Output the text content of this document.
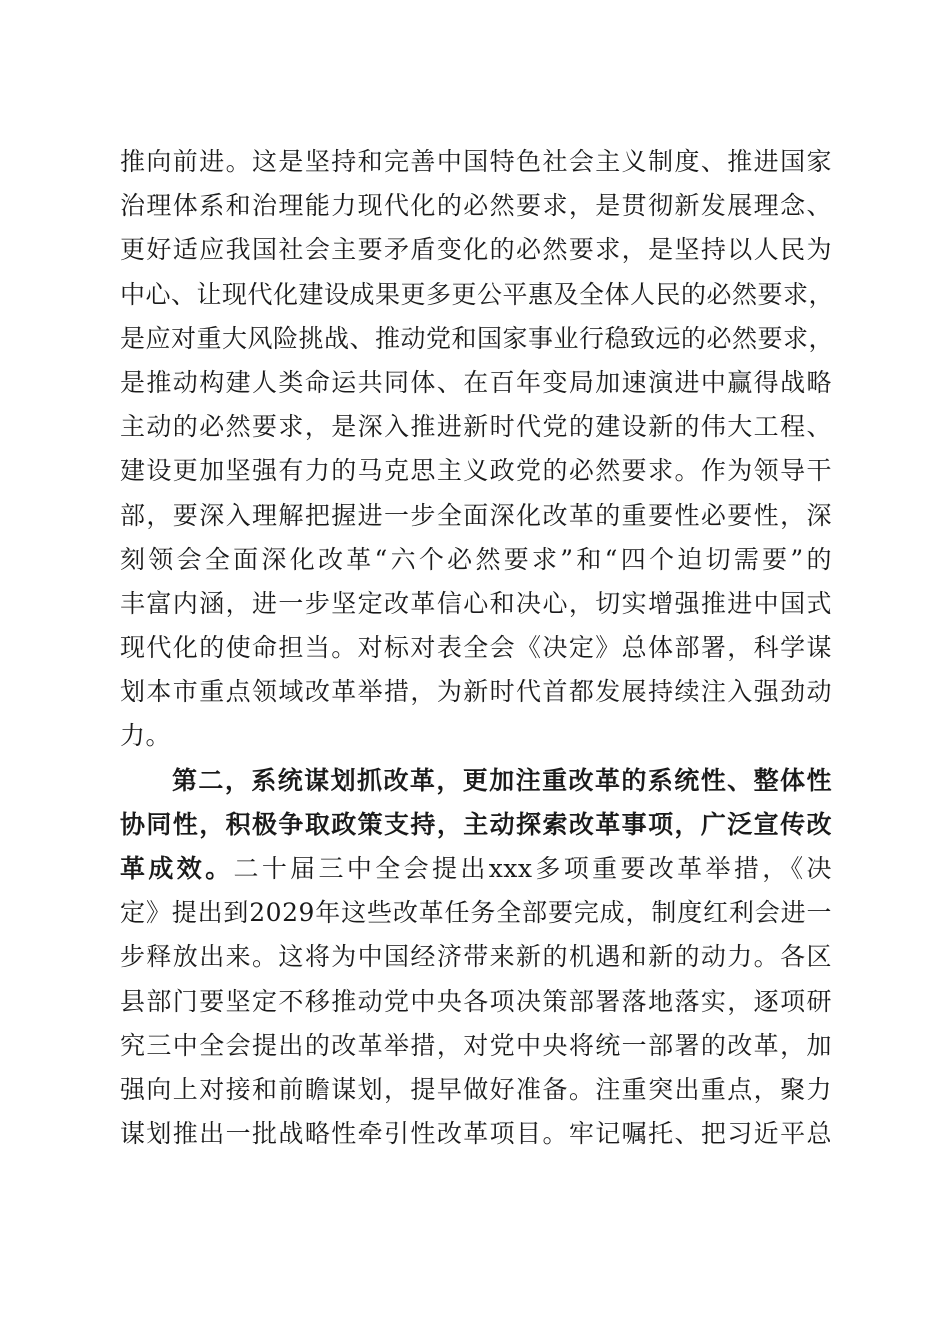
推向前进。这是坚持和完善中国特色社会主义制度、推进国家
治理体系和治理能力现代化的必然要求，是贯彻新发展理念、
更好适应我国社会主要矛盾变化的必然要求，是坚持以人民为
中心、让现代化建设成果更多更公平惠及全体人民的必然要求，
是应对重大风险挑战、推动党和国家事业行稳致远的必然要求，
是推动构建人类命运共同体、在百年变局加速演进中赢得战略
主动的必然要求，是深入推进新时代党的建设新的伟大工程、
建设更加坚强有力的马克思主义政党的必然要求。作为领导干
部，要深入理解把握进一步全面深化改革的重要性必要性，深
刻领会全面深化改革“六个必然要求”和“四个迫切需要”的
丰富内涵，进一步坚定改革信心和决心，切实增强推进中国式
现代化的使命担当。对标对表全会《决定》总体部署，科学谋
划本市重点领域改革举措，为新时代首都发展持续注入强劲动
力。
第二，系统谋划抓改革，更加注重改革的系统性、整体性
协同性，积极争取政策支持，主动探索改革事项，广泛宣传改
革成效。二十届三中全会提出xxx多项重要改革举措，《决
定》提出到2029年这些改革任务全部要完成，制度红利会进一
步释放出来。这将为中国经济带来新的机遇和新的动力。各区
县部门要坚定不移推动党中央各项决策部署落地落实，逐项研
究三中全会提出的改革举措，对党中央将统一部署的改革，加
强向上对接和前瞻谋划，提早做好准备。注重突出重点，聚力
谋划推出一批战略性牵引性改革项目。牢记嘱托、把习近平总
